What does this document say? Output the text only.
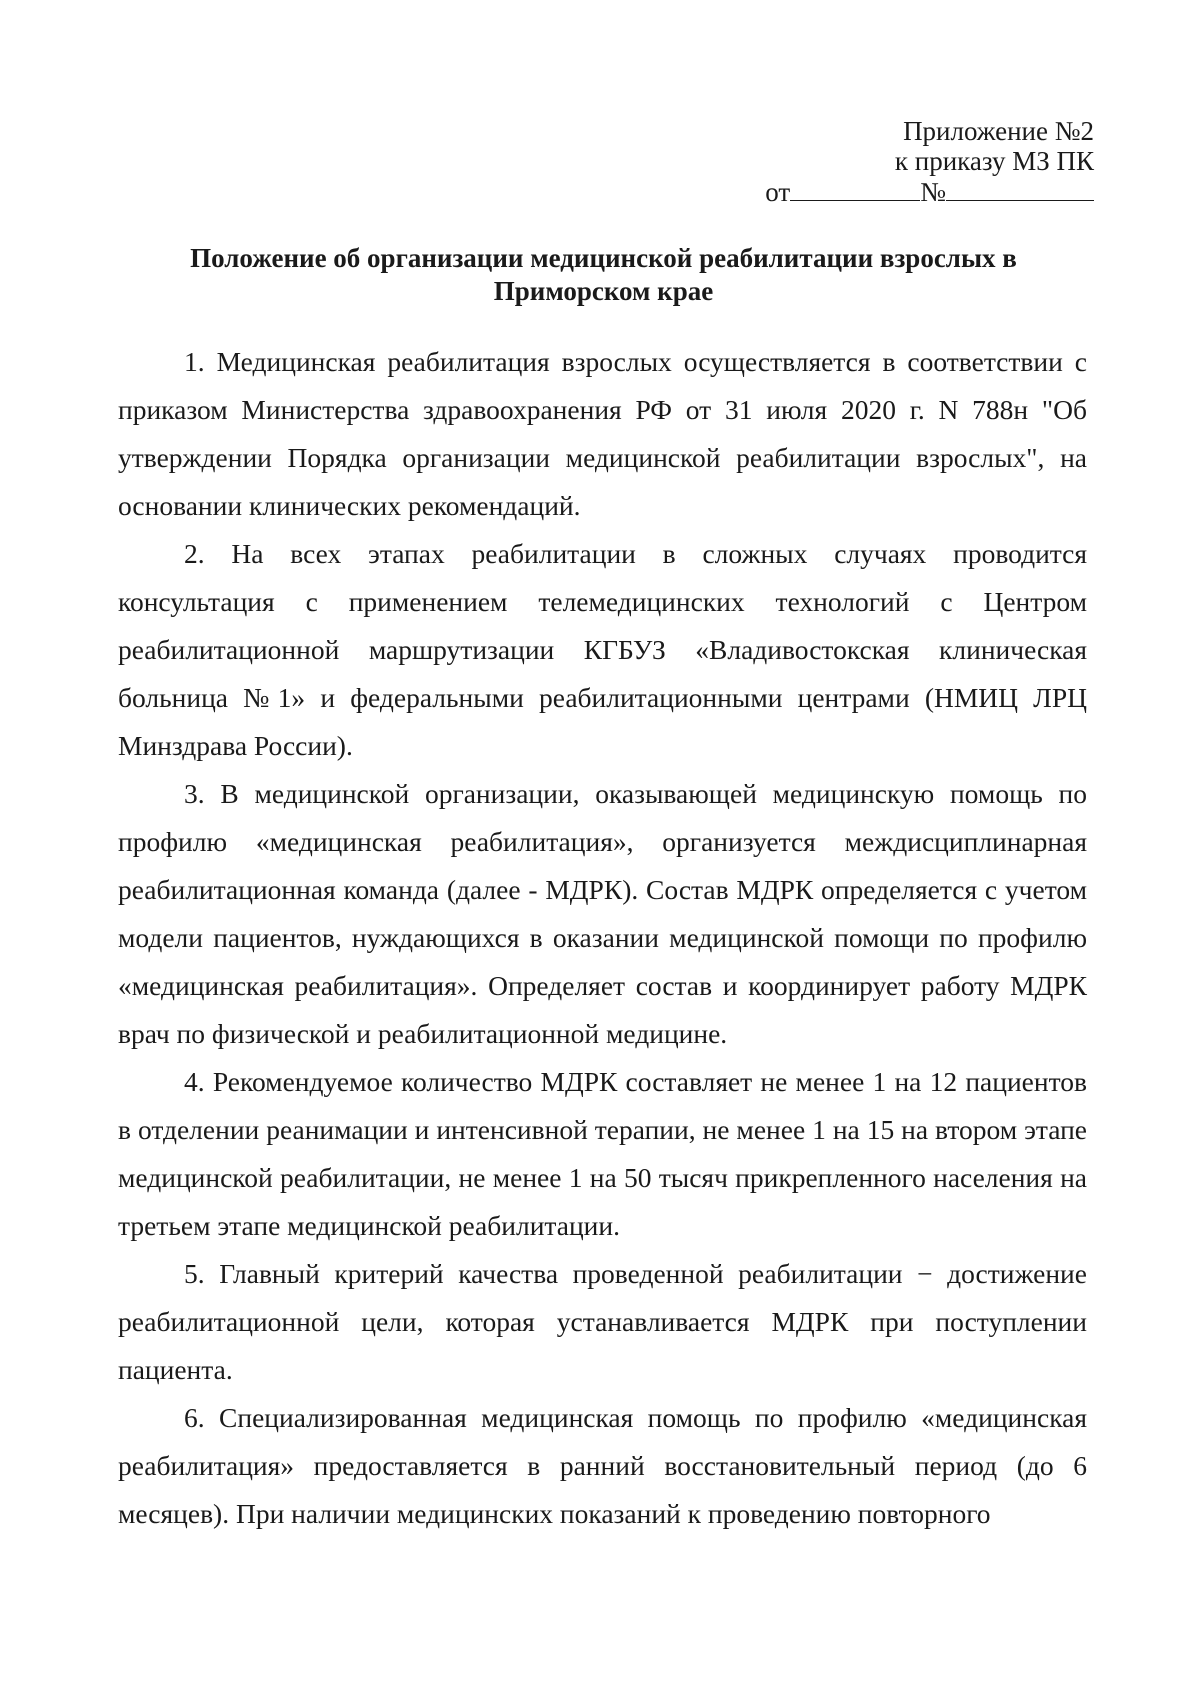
Приложение №2
к приказу МЗ ПК
от	№
Положение об организации медицинской реабилитации взрослых в
Приморском крае

1. Медицинская реабилитация взрослых осуществляется в соответствии с приказом Министерства здравоохранения РФ от 31 июля 2020 г. N 788н "Об утверждении Порядка организации медицинской реабилитации взрослых", на основании клинических рекомендаций.

2. На всех этапах реабилитации в сложных случаях проводится консультация с применением телемедицинских технологий с Центром реабилитационной маршрутизации КГБУЗ «Владивостокская клиническая больница №1» и федеральными реабилитационными центрами (НМИЦ ЛРЦ Минздрава России).

3. В медицинской организации, оказывающей медицинскую помощь по профилю «медицинская реабилитация», организуется междисциплинарная реабилитационная команда (далее - МДРК). Состав МДРК определяется с учетом модели пациентов, нуждающихся в оказании медицинской помощи по профилю «медицинская реабилитация». Определяет состав и координирует работу МДРК врач по физической и реабилитационной медицине.

4. Рекомендуемое количество МДРК составляет не менее 1 на 12 пациентов в отделении реанимации и интенсивной терапии, не менее 1 на 15 на втором этапе медицинской реабилитации, не менее 1 на 50 тысяч прикрепленного населения на третьем этапе медицинской реабилитации.

5. Главный критерий качества проведенной реабилитации − достижение реабилитационной цели, которая устанавливается МДРК при поступлении пациента.

6. Специализированная медицинская помощь по профилю «медицинская реабилитация» предоставляется в ранний восстановительный период (до 6 месяцев). При наличии медицинских показаний к проведению повторного
